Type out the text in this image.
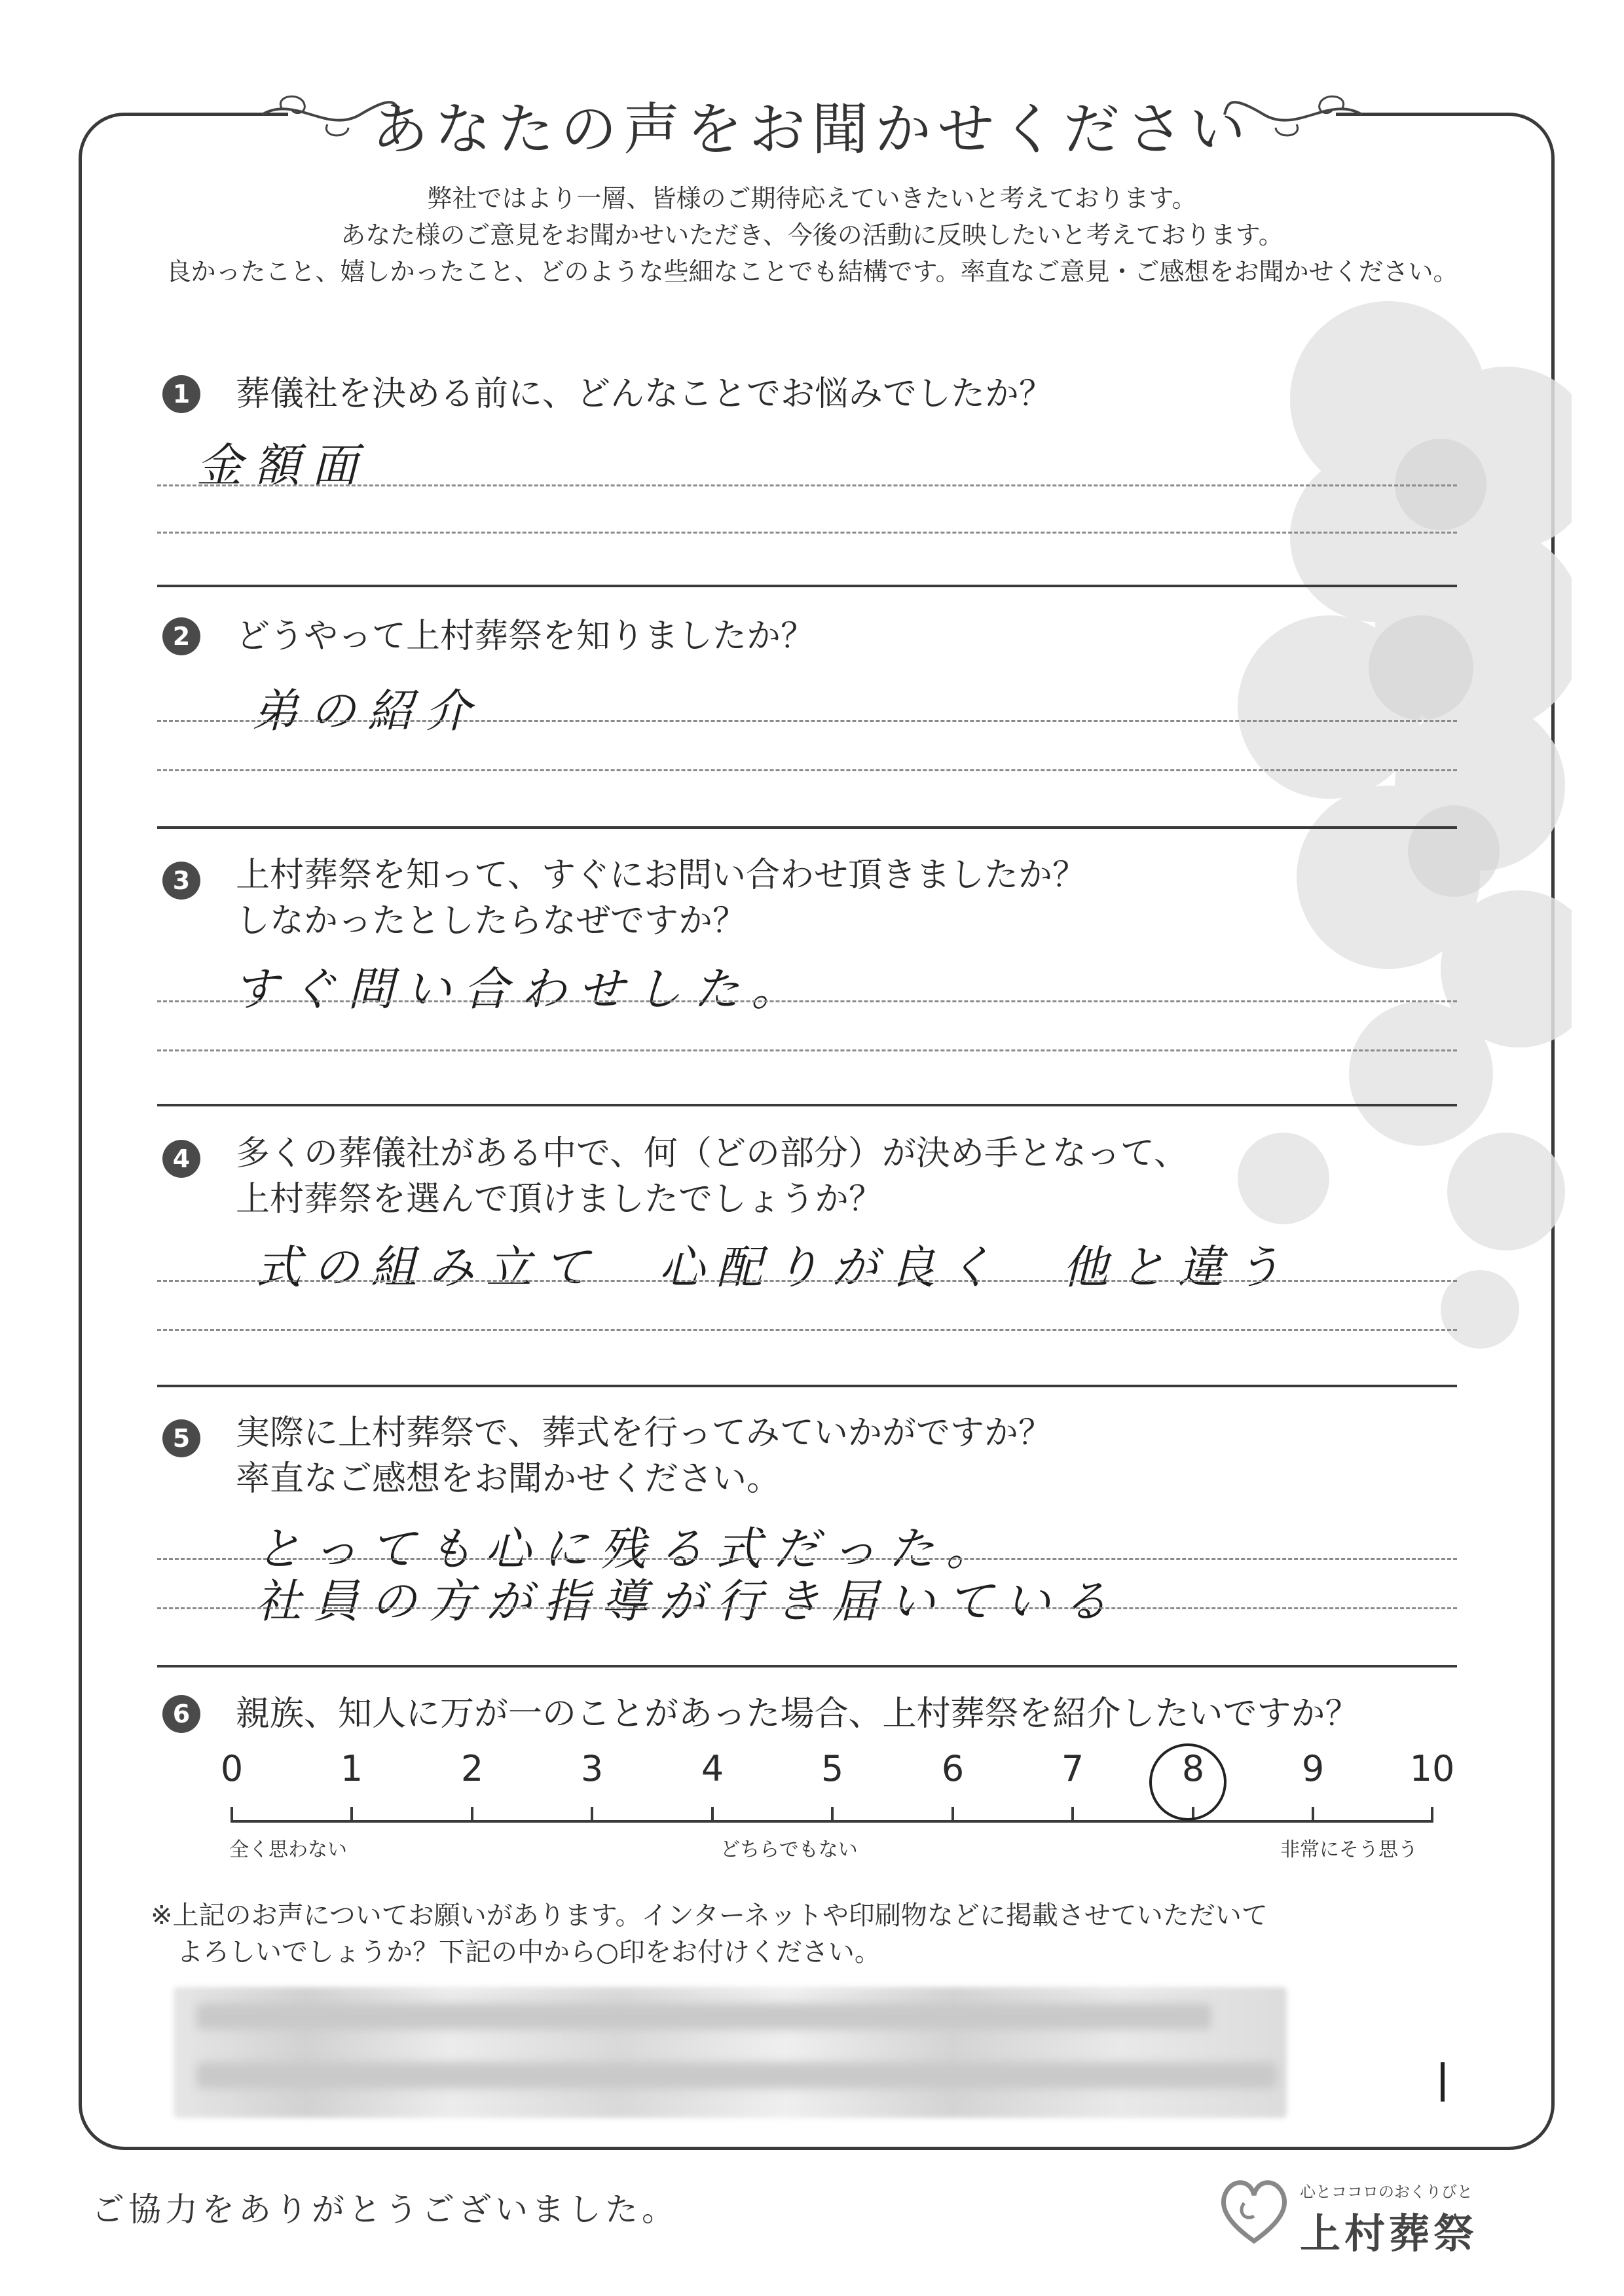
あなたの声をお聞かせください
弊社ではより一層、皆様のご期待応えていきたいと考えております。
あなた様のご意見をお聞かせいただき、今後の活動に反映したいと考えております。
良かったこと、嬉しかったこと、どのような些細なことでも結構です。率直なご意見・ご感想をお聞かせください。
1	葬儀社を決める前に、どんなことでお悩みでしたか？
金額面
2	どうやって上村葬祭を知りましたか？
弟の紹介
3	上村葬祭を知って、すぐにお問い合わせ頂きましたか？
しなかったとしたらなぜですか？
すぐ問い合わせした。
4	多くの葬儀社がある中で、何（どの部分）が決め手となって、
上村葬祭を選んで頂けましたでしょうか？
式の組み立て　心配りが良く　他と違う
5	実際に上村葬祭で、葬式を行ってみていかがですか？
率直なご感想をお聞かせください。
とっても心に残る式だった。
社員の方が指導が行き届いている
6	親族、知人に万が一のことがあった場合、上村葬祭を紹介したいですか？
0	1	2	3	4	5	6	7	8	9	10
全く思わない	どちらでもない	非常にそう思う
※上記のお声についてお願いがあります。インターネットや印刷物などに掲載させていただいて
　よろしいでしょうか？下記の中から○印をお付けください。
ご協力をありがとうございました。	心とココロのおくりびと
上村葬祭
